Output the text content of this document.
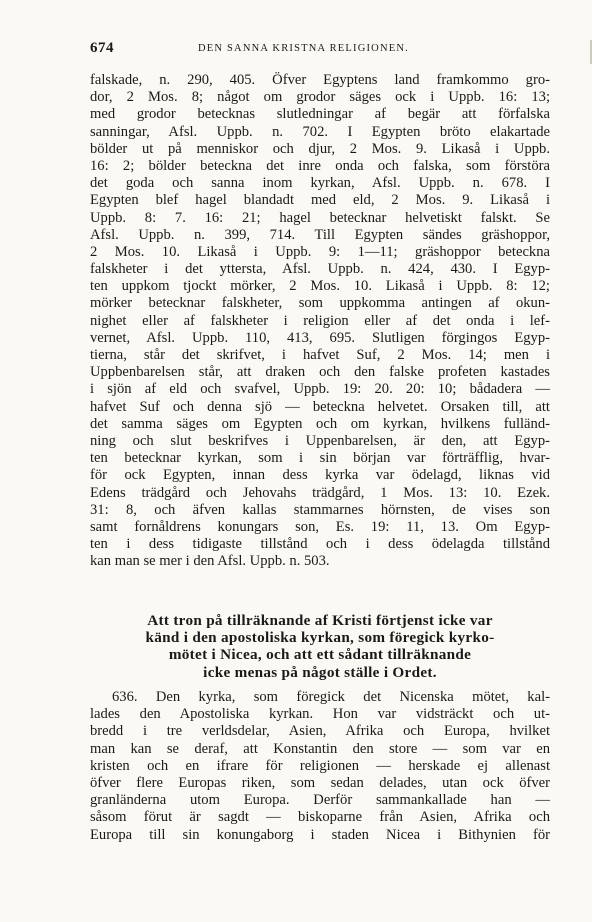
674	DEN SANNA KRISTNA RELIGIONEN.
falskade, n. 290, 405. Öfver Egyptens land framkommo gro-
dor, 2 Mos. 8; något om grodor säges ock i Uppb. 16: 13;
med grodor betecknas slutledningar af begär att förfalska
sanningar, Afsl. Uppb. n. 702. I Egypten bröto elakartade
bölder ut på menniskor och djur, 2 Mos. 9. Likaså i Uppb.
16: 2; bölder beteckna det inre onda och falska, som förstöra
det goda och sanna inom kyrkan, Afsl. Uppb. n. 678. I
Egypten blef hagel blandadt med eld, 2 Mos. 9. Likaså i
Uppb. 8: 7. 16: 21; hagel betecknar helvetiskt falskt. Se
Afsl. Uppb. n. 399, 714. Till Egypten sändes gräshoppor,
2 Mos. 10. Likaså i Uppb. 9: 1—11; gräshoppor beteckna
falskheter i det yttersta, Afsl. Uppb. n. 424, 430. I Egyp-
ten uppkom tjockt mörker, 2 Mos. 10. Likaså i Uppb. 8: 12;
mörker betecknar falskheter, som uppkomma antingen af okun-
nighet eller af falskheter i religion eller af det onda i lef-
vernet, Afsl. Uppb. 110, 413, 695. Slutligen förgingos Egyp-
tierna, står det skrifvet, i hafvet Suf, 2 Mos. 14; men i
Uppbenbarelsen står, att draken och den falske profeten kastades
i sjön af eld och svafvel, Uppb. 19: 20. 20: 10; bådadera —
hafvet Suf och denna sjö — beteckna helvetet. Orsaken till, att
det samma säges om Egypten och om kyrkan, hvilkens fulländ-
ning och slut beskrifves i Uppenbarelsen, är den, att Egyp-
ten betecknar kyrkan, som i sin början var förträfflig, hvar-
för ock Egypten, innan dess kyrka var ödelagd, liknas vid
Edens trädgård och Jehovahs trädgård, 1 Mos. 13: 10. Ezek.
31: 8, och äfven kallas stammarnes hörnsten, de vises son
samt fornåldrens konungars son, Es. 19: 11, 13. Om Egyp-
ten i dess tidigaste tillstånd och i dess ödelagda tillstånd
kan man se mer i den Afsl. Uppb. n. 503.
Att tron på tillräknande af Kristi förtjenst icke var
känd i den apostoliska kyrkan, som föregick kyrko-
mötet i Nicea, och att ett sådant tillräknande
icke menas på något ställe i Ordet.
636. Den kyrka, som föregick det Nicenska mötet, kal-
lades den Apostoliska kyrkan. Hon var vidsträckt och ut-
bredd i tre verldsdelar, Asien, Afrika och Europa, hvilket
man kan se deraf, att Konstantin den store — som var en
kristen och en ifrare för religionen — herskade ej allenast
öfver flere Europas riken, som sedan delades, utan ock öfver
granländerna utom Europa. Derför sammankallade han —
såsom förut är sagdt — biskoparne från Asien, Afrika och
Europa till sin konungaborg i staden Nicea i Bithynien för
